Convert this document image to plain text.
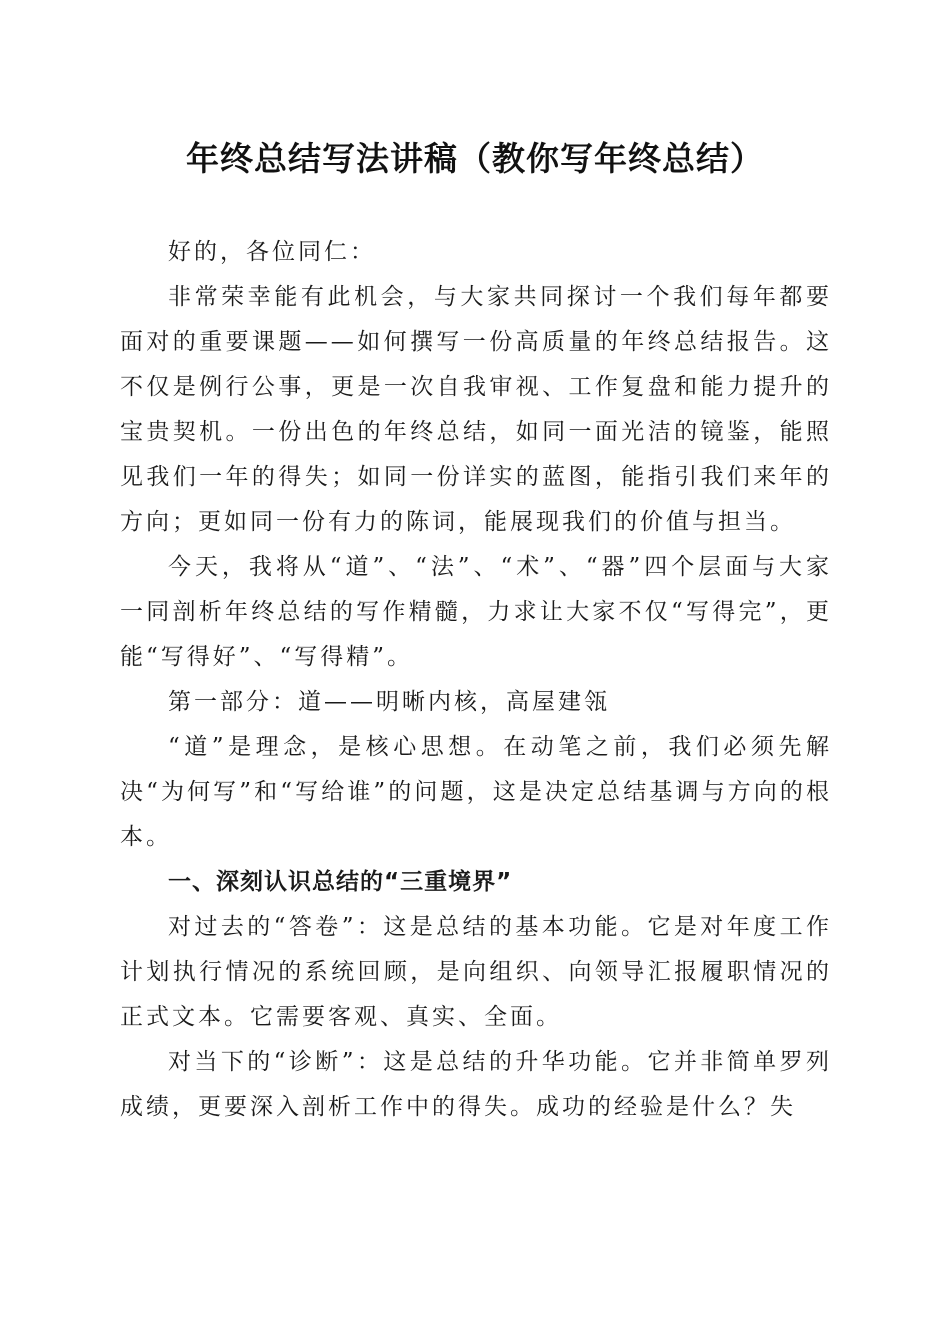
年终总结写法讲稿（教你写年终总结）

好的，各位同仁：

非常荣幸能有此机会，与大家共同探讨一个我们每年都要面对的重要课题——如何撰写一份高质量的年终总结报告。这不仅是例行公事，更是一次自我审视、工作复盘和能力提升的宝贵契机。一份出色的年终总结，如同一面光洁的镜鉴，能照见我们一年的得失；如同一份详实的蓝图，能指引我们来年的方向；更如同一份有力的陈词，能展现我们的价值与担当。

今天，我将从“道”、“法”、“术”、“器”四个层面与大家一同剖析年终总结的写作精髓，力求让大家不仅“写得完”，更能“写得好”、“写得精”。

第一部分：道——明晰内核，高屋建瓴

“道”是理念，是核心思想。在动笔之前，我们必须先解决“为何写”和“写给谁”的问题，这是决定总结基调与方向的根本。

一、深刻认识总结的“三重境界”

对过去的“答卷”：这是总结的基本功能。它是对年度工作计划执行情况的系统回顾，是向组织、向领导汇报履职情况的正式文本。它需要客观、真实、全面。

对当下的“诊断”：这是总结的升华功能。它并非简单罗列成绩，更要深入剖析工作中的得失。成功的经验是什么？失
